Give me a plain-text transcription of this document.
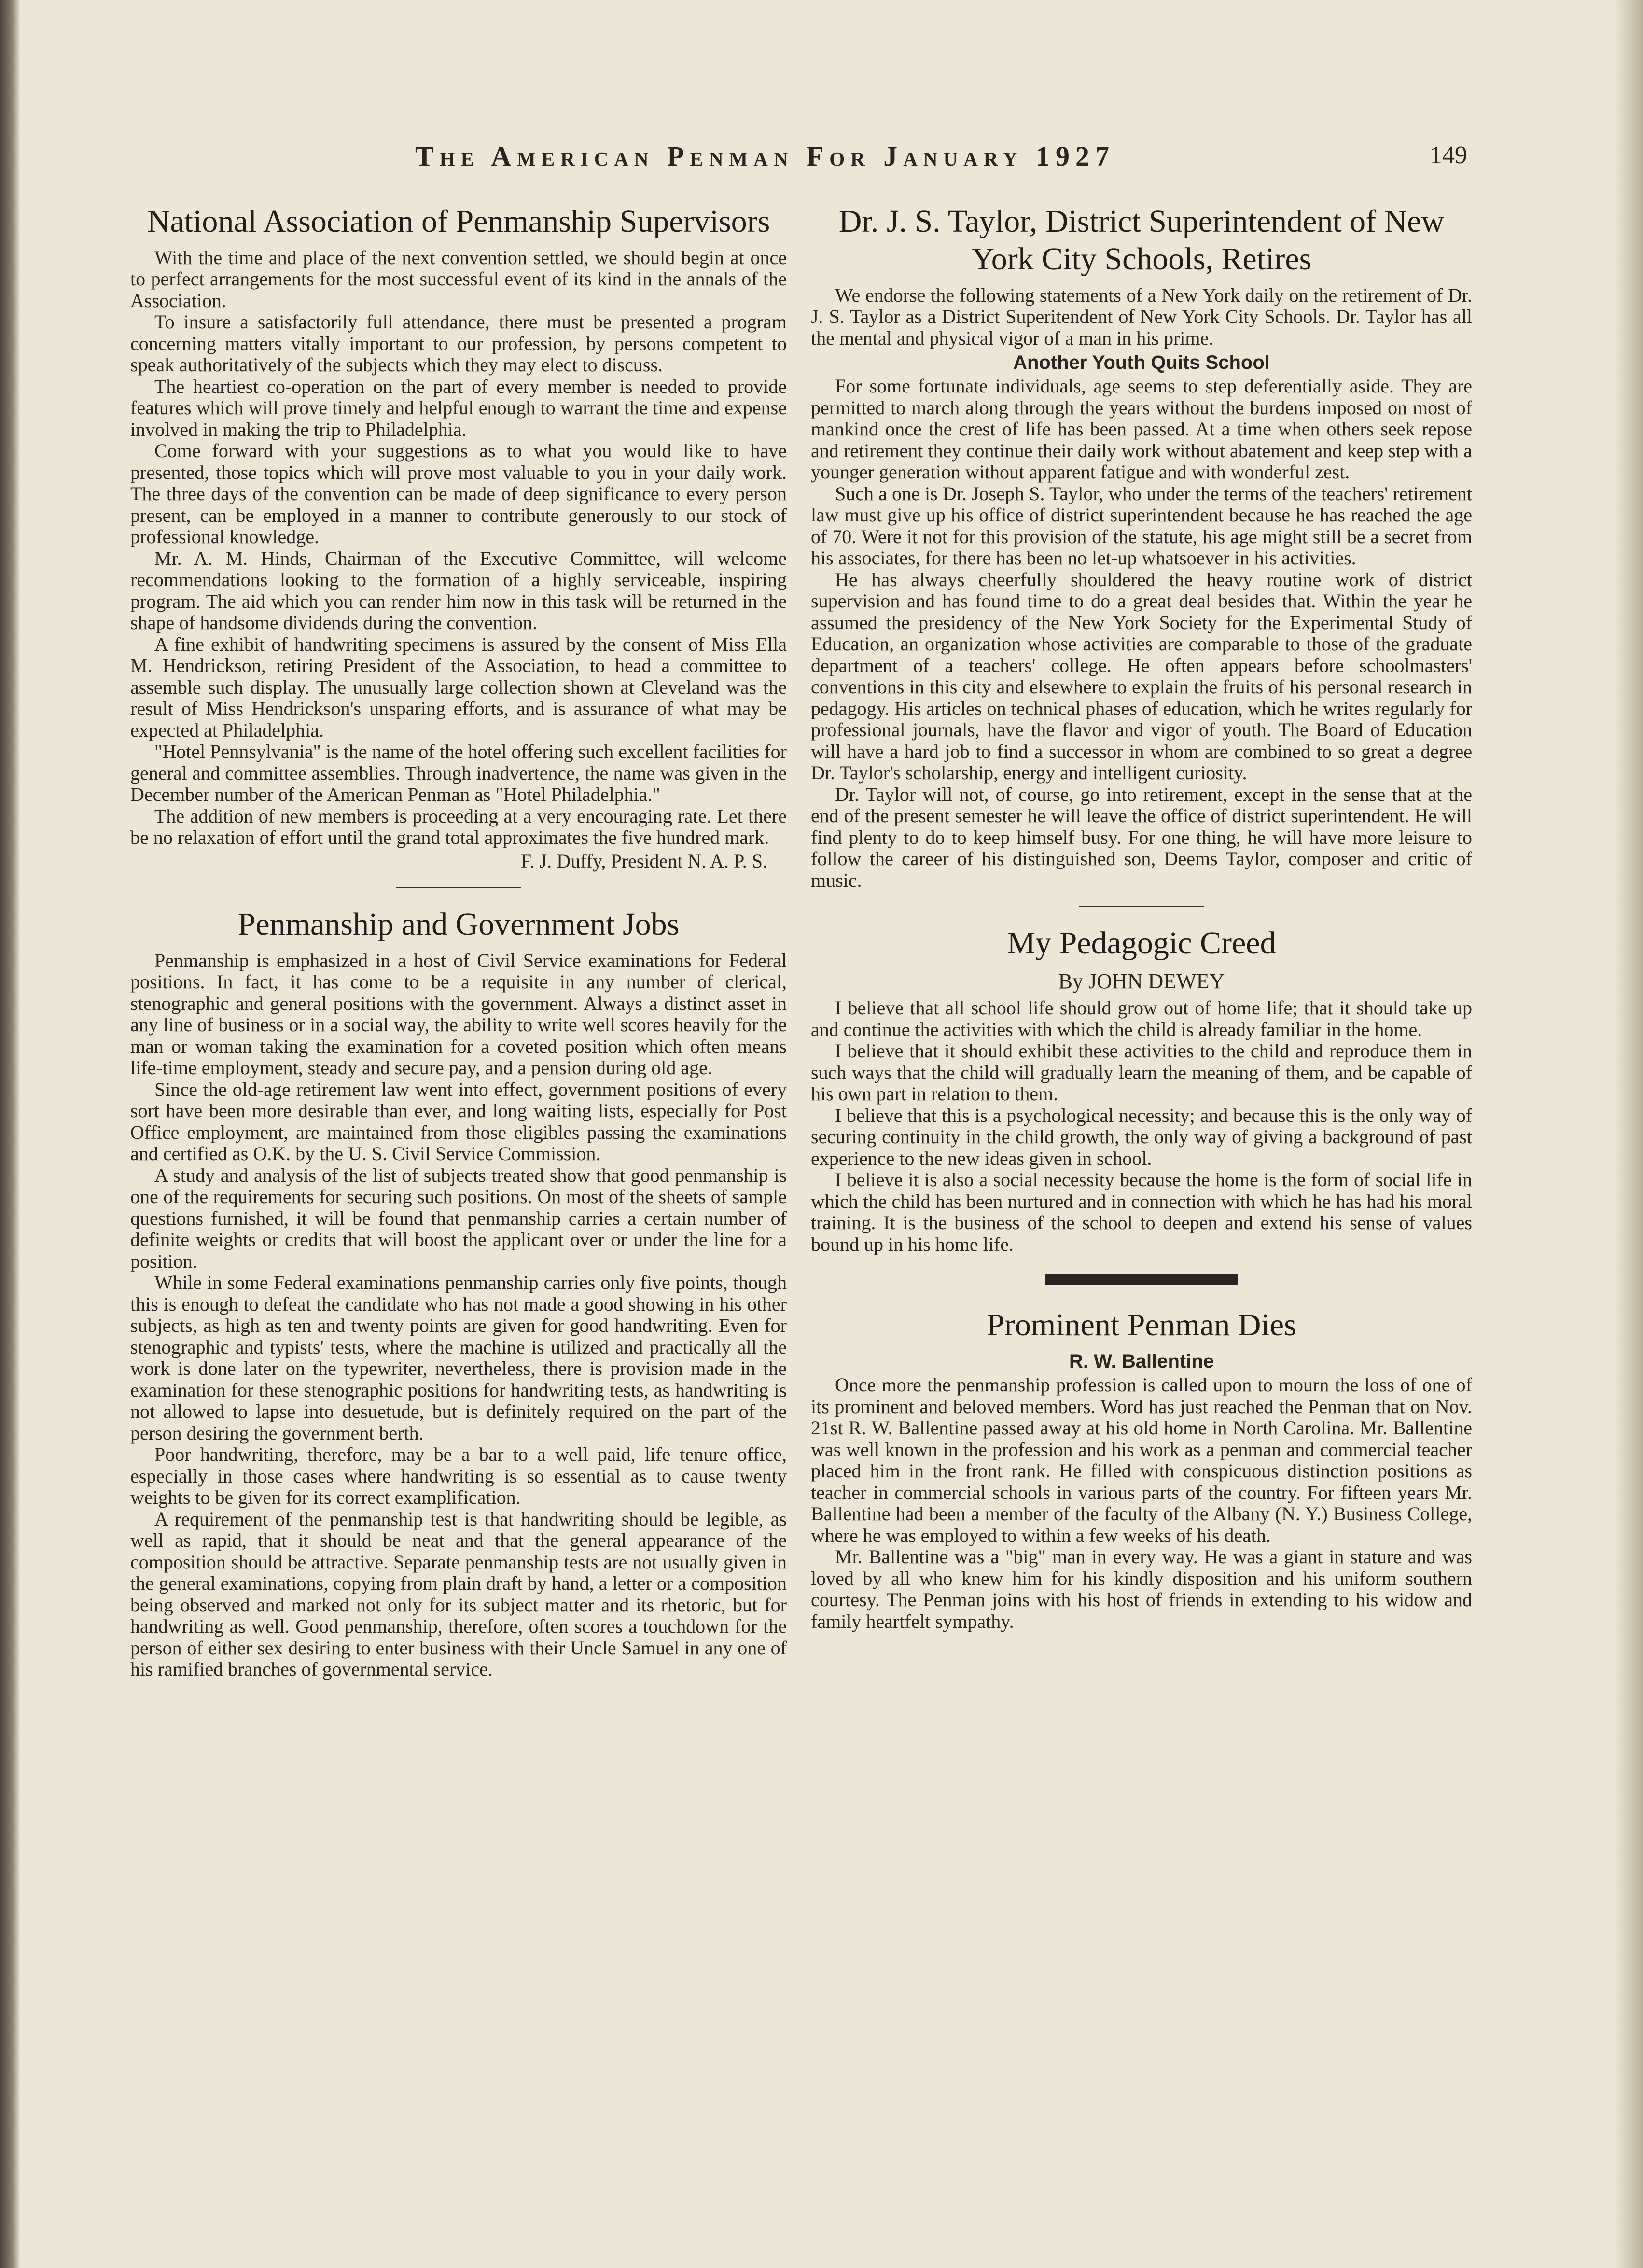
The American Penman For January 1927	149
National Association of Penmanship Supervisors

With the time and place of the next convention settled, we should begin at once to perfect arrangements for the most successful event of its kind in the annals of the Association.

To insure a satisfactorily full attendance, there must be presented a program concerning matters vitally important to our profession, by persons competent to speak authoritatively of the subjects which they may elect to discuss.

The heartiest co-operation on the part of every member is needed to provide features which will prove timely and helpful enough to warrant the time and expense involved in making the trip to Philadelphia.

Come forward with your suggestions as to what you would like to have presented, those topics which will prove most valuable to you in your daily work. The three days of the convention can be made of deep significance to every person present, can be employed in a manner to contribute generously to our stock of professional knowledge.

Mr. A. M. Hinds, Chairman of the Executive Committee, will welcome recommendations looking to the formation of a highly serviceable, inspiring program. The aid which you can render him now in this task will be returned in the shape of handsome dividends during the convention.

A fine exhibit of handwriting specimens is assured by the consent of Miss Ella M. Hendrickson, retiring President of the Association, to head a committee to assemble such display. The unusually large collection shown at Cleveland was the result of Miss Hendrickson's unsparing efforts, and is assurance of what may be expected at Philadelphia.

"Hotel Pennsylvania" is the name of the hotel offering such excellent facilities for general and committee assemblies. Through inadvertence, the name was given in the December number of the American Penman as "Hotel Philadelphia."

The addition of new members is proceeding at a very encouraging rate. Let there be no relaxation of effort until the grand total approximates the five hundred mark.

F. J. Duffy, President N. A. P. S.
Penmanship and Government Jobs

Penmanship is emphasized in a host of Civil Service examinations for Federal positions. In fact, it has come to be a requisite in any number of clerical, stenographic and general positions with the government. Always a distinct asset in any line of business or in a social way, the ability to write well scores heavily for the man or woman taking the examination for a coveted position which often means life-time employment, steady and secure pay, and a pension during old age.

Since the old-age retirement law went into effect, government positions of every sort have been more desirable than ever, and long waiting lists, especially for Post Office employment, are maintained from those eligibles passing the examinations and certified as O.K. by the U. S. Civil Service Commission.

A study and analysis of the list of subjects treated show that good penmanship is one of the requirements for securing such positions. On most of the sheets of sample questions furnished, it will be found that penmanship carries a certain number of definite weights or credits that will boost the applicant over or under the line for a position.

While in some Federal examinations penmanship carries only five points, though this is enough to defeat the candidate who has not made a good showing in his other subjects, as high as ten and twenty points are given for good handwriting. Even for stenographic and typists' tests, where the machine is utilized and practically all the work is done later on the typewriter, nevertheless, there is provision made in the examination for these stenographic positions for handwriting tests, as handwriting is not allowed to lapse into desuetude, but is definitely required on the part of the person desiring the government berth.

Poor handwriting, therefore, may be a bar to a well paid, life tenure office, especially in those cases where handwriting is so essential as to cause twenty weights to be given for its correct examplification.

A requirement of the penmanship test is that handwriting should be legible, as well as rapid, that it should be neat and that the general appearance of the composition should be attractive. Separate penmanship tests are not usually given in the general examinations, copying from plain draft by hand, a letter or a composition being observed and marked not only for its subject matter and its rhetoric, but for handwriting as well. Good penmanship, therefore, often scores a touchdown for the person of either sex desiring to enter business with their Uncle Samuel in any one of his ramified branches of governmental service.

Dr. J. S. Taylor, District Superintendent of New York City Schools, Retires

We endorse the following statements of a New York daily on the retirement of Dr. J. S. Taylor as a District Superitendent of New York City Schools. Dr. Taylor has all the mental and physical vigor of a man in his prime.

Another Youth Quits School

For some fortunate individuals, age seems to step deferentially aside. They are permitted to march along through the years without the burdens imposed on most of mankind once the crest of life has been passed. At a time when others seek repose and retirement they continue their daily work without abatement and keep step with a younger generation without apparent fatigue and with wonderful zest.

Such a one is Dr. Joseph S. Taylor, who under the terms of the teachers' retirement law must give up his office of district superintendent because he has reached the age of 70. Were it not for this provision of the statute, his age might still be a secret from his associates, for there has been no let-up whatsoever in his activities.

He has always cheerfully shouldered the heavy routine work of district supervision and has found time to do a great deal besides that. Within the year he assumed the presidency of the New York Society for the Experimental Study of Education, an organization whose activities are comparable to those of the graduate department of a teachers' college. He often appears before schoolmasters' conventions in this city and elsewhere to explain the fruits of his personal research in pedagogy. His articles on technical phases of education, which he writes regularly for professional journals, have the flavor and vigor of youth. The Board of Education will have a hard job to find a successor in whom are combined to so great a degree Dr. Taylor's scholarship, energy and intelligent curiosity.

Dr. Taylor will not, of course, go into retirement, except in the sense that at the end of the present semester he will leave the office of district superintendent. He will find plenty to do to keep himself busy. For one thing, he will have more leisure to follow the career of his distinguished son, Deems Taylor, composer and critic of music.

My Pedagogic Creed
By JOHN DEWEY

I believe that all school life should grow out of home life; that it should take up and continue the activities with which the child is already familiar in the home.

I believe that it should exhibit these activities to the child and reproduce them in such ways that the child will gradually learn the meaning of them, and be capable of his own part in relation to them.

I believe that this is a psychological necessity; and because this is the only way of securing continuity in the child growth, the only way of giving a background of past experience to the new ideas given in school.

I believe it is also a social necessity because the home is the form of social life in which the child has been nurtured and in connection with which he has had his moral training. It is the business of the school to deepen and extend his sense of values bound up in his home life.

Prominent Penman Dies
R. W. Ballentine

Once more the penmanship profession is called upon to mourn the loss of one of its prominent and beloved members. Word has just reached the Penman that on Nov. 21st R. W. Ballentine passed away at his old home in North Carolina. Mr. Ballentine was well known in the profession and his work as a penman and commercial teacher placed him in the front rank. He filled with conspicuous distinction positions as teacher in commercial schools in various parts of the country. For fifteen years Mr. Ballentine had been a member of the faculty of the Albany (N. Y.) Business College, where he was employed to within a few weeks of his death.

Mr. Ballentine was a "big" man in every way. He was a giant in stature and was loved by all who knew him for his kindly disposition and his uniform southern courtesy. The Penman joins with his host of friends in extending to his widow and family heartfelt sympathy.
